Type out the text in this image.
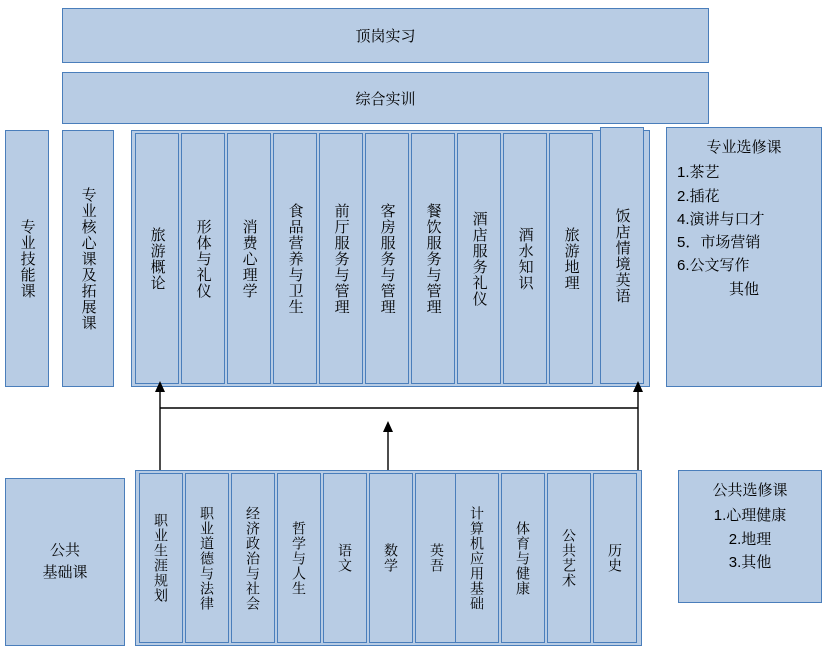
顶岗实习
综合实训
专业技能课	专业核心课及拓展课	旅游概论	形体与礼仪	消费心理学	食品营养与卫生	前厅服务与管理	客房服务与管理	餐饮服务与管理	酒店服务礼仪	酒水知识	旅游地理	饭店情境英语
专业选修课
1.茶艺
2.插花
4.演讲与口才
5．市场营销
6.公文写作
其他
公共
基础课	职业生涯规划	职业道德与法律	经济政治与社会	哲学与人生	语文	数学	英吾	计算机应用基础	体育与健康	公共艺术	历史
公共选修课
1.心理健康
2.地理
3.其他
